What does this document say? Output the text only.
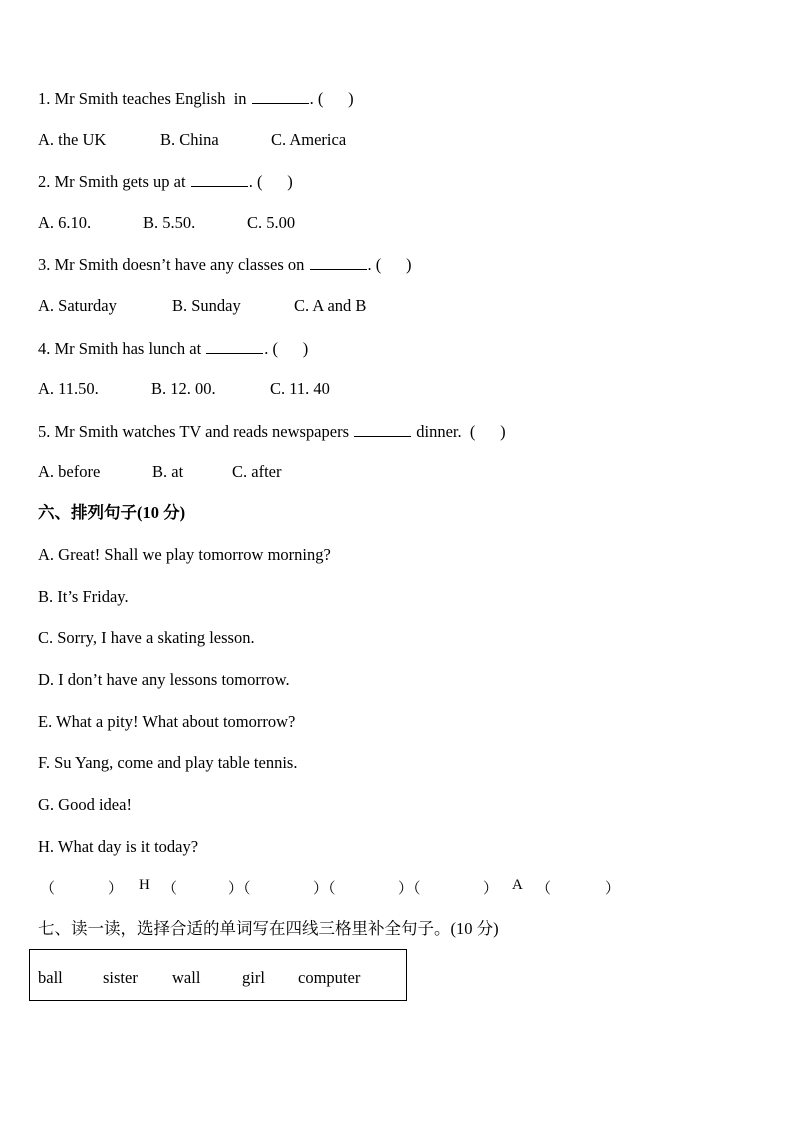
1. Mr Smith teaches English  in	. (      )

A. the UK

	B. China

	C. America

2. Mr Smith gets up at	. (      )

A. 6.10.

	B. 5.50.

	C. 5.00

3. Mr Smith doesn’t have any classes on	. (      )

A. Saturday

	B. Sunday

	C. A and B

4. Mr Smith has lunch at	. (      )

A. 11.50.

	B. 12. 00.

	C. 11. 40

5. Mr Smith watches TV and reads newspapers	dinner.  (      )

A. before

	B. at

	C. after

六、排列句子(10 分)
A. Great! Shall we play tomorrow morning?
B. It’s Friday.
C. Sorry, I have a skating lesson.
D. I don’t have any lessons tomorrow.
E. What a pity! What about tomorrow?
F. Su Yang, come and play table tennis.
G. Good idea!
H. What day is it today?
（	） H （	）（	）（	）（	） A （	）
七、读一读，选择合适的单词写在四线三格里补全句子。(10 分)
ball sister wall	girl computer
